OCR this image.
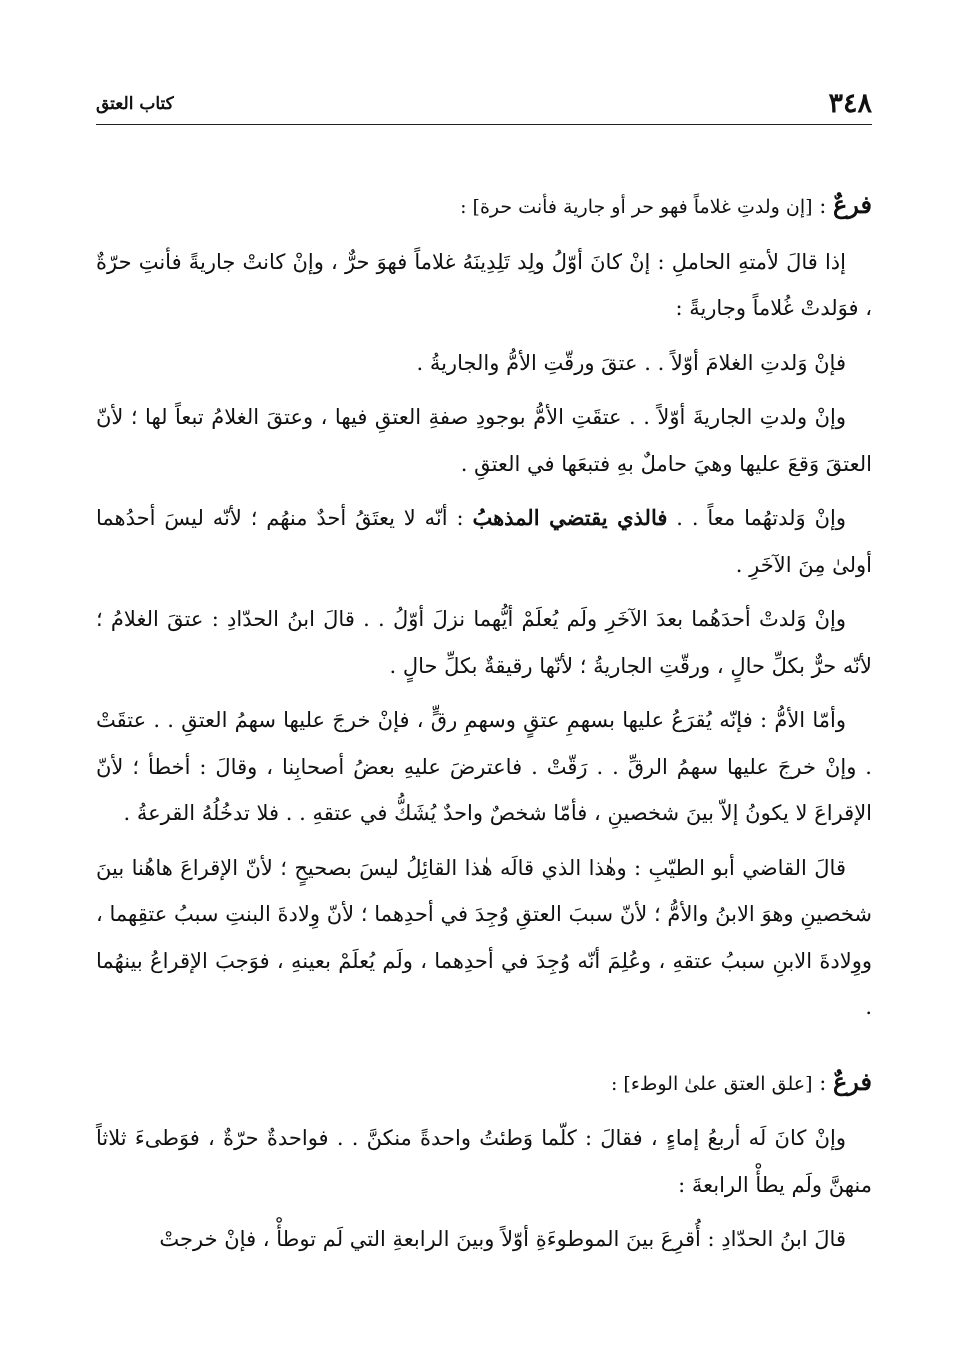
٣٤٨
كتاب العتق

فرعٌ : [إن ولدتِ غلاماً فهو حر أو جارية فأنت حرة] :

إذا قالَ لأمتهِ الحاملِ : إنْ كانَ أوّلُ ولِد تَلِدِينَهُ غلاماً فهوَ حرٌّ ، وإنْ كانتْ جاريةً فأنتِ حرّةٌ ، فوَلدتْ غُلاماً وجاريةً :

فإنْ وَلدتِ الغلامَ أوّلاً . . عتقَ ورقّتِ الأمُّ والجاريةُ .

وإنْ ولدتِ الجاريةَ أوّلاً . . عتقَتِ الأمُّ بوجودِ صفةِ العتقِ فيها ، وعتقَ الغلامُ تبعاً لها ؛ لأنّ العتقَ وَقعَ عليها وهيَ حاملٌ بهِ فتبعَها في العتقِ .

وإنْ وَلدتهُما معاً . . فالذي يقتضي المذهبُ : أنّه لا يعتَقُ أحدٌ منهُم ؛ لأنّه ليسَ أحدُهما أولىٰ مِنَ الآخَرِ .

وإنْ وَلدتْ أحدَهُما بعدَ الآخَرِ ولَم يُعلَمْ أيُّهما نزلَ أوّلُ . . قالَ ابنُ الحدّادِ : عتقَ الغلامُ ؛ لأنّه حرٌّ بكلِّ حالٍ ، ورقّتِ الجاريةُ ؛ لأنّها رقيقةٌ بكلِّ حالٍ .

وأمّا الأمُّ : فإنّه يُقرَعُ عليها بسهمِ عتقٍ وسهمِ رقٍّ ، فإنْ خرجَ عليها سهمُ العتقِ . . عتقَتْ . وإنْ خرجَ عليها سهمُ الرقِّ . . رَقّتْ . فاعترضَ عليهِ بعضُ أصحابِنا ، وقالَ : أخطأ ؛ لأنّ الإقراعَ لا يكونُ إلاّ بينَ شخصينِ ، فأمّا شخصٌ واحدٌ يُشَكُّ في عتقهِ . . فلا تدخُلُهُ القرعةُ .

قالَ القاضي أبو الطيّبِ : وهٰذا الذي قالَه هٰذا القائِلُ ليسَ بصحيحٍ ؛ لأنّ الإقراعَ هاهُنا بينَ شخصينِ وهوَ الابنُ والأمُّ ؛ لأنّ سببَ العتقِ وُجِدَ في أحدِهما ؛ لأنّ وِلادةَ البنتِ سببُ عتقِهما ، ووِلادةَ الابنِ سببُ عتقهِ ، وعُلِمَ أنّه وُجِدَ في أحدِهما ، ولَم يُعلَمْ بعينهِ ، فوَجبَ الإقراعُ بينهُما .

فرعٌ : [علق العتق علىٰ الوطء] :

وإنْ كانَ لَه أربعُ إماءٍ ، فقالَ : كلّما وَطئتُ واحدةً منكنَّ . . فواحدةٌ حرّةٌ ، فوَطىءَ ثلاثاً منهنَّ ولَم يطأْ الرابعةَ :

قالَ ابنُ الحدّادِ : أُقرِعَ بينَ الموطوءَةِ أوّلاً وبينَ الرابعةِ التي لَم توطأْ ، فإنْ خرجتْ
